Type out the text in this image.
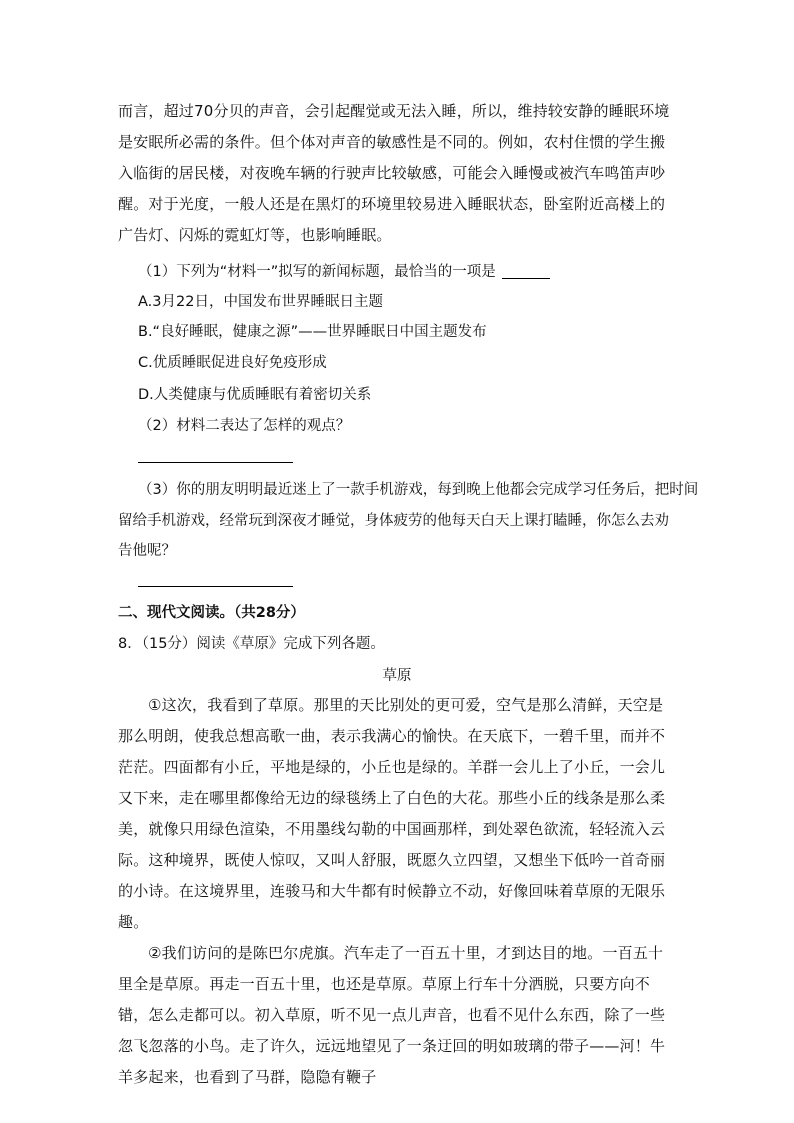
而言，超过70分贝的声音，会引起醒觉或无法入睡，所以，维持较安静的睡眠环境是安眠所必需的条件。但个体对声音的敏感性是不同的。例如，农村住惯的学生搬入临街的居民楼，对夜晚车辆的行驶声比较敏感，可能会入睡慢或被汽车鸣笛声吵醒。对于光度，一般人还是在黑灯的环境里较易进入睡眠状态，卧室附近高楼上的广告灯、闪烁的霓虹灯等，也影响睡眠。

（1）下列为“材料一”拟写的新闻标题，最恰当的一项是
A.3月22日，中国发布世界睡眠日主题
B.“良好睡眠，健康之源”——世界睡眠日中国主题发布
C.优质睡眠促进良好免疫形成
D.人类健康与优质睡眠有着密切关系
（2）材料二表达了怎样的观点？
（3）你的朋友明明最近迷上了一款手机游戏，每到晚上他都会完成学习任务后，把时间
留给手机游戏，经常玩到深夜才睡觉，身体疲劳的他每天白天上课打瞌睡，你怎么去劝
告他呢？
二、现代文阅读。（共28分）
8．（15分）阅读《草原》完成下列各题。
草原

①这次，我看到了草原。那里的天比别处的更可爱，空气是那么清鲜，天空是那么明朗，使我总想高歌一曲，表示我满心的愉快。在天底下，一碧千里，而并不茫茫。四面都有小丘，平地是绿的，小丘也是绿的。羊群一会儿上了小丘，一会儿又下来，走在哪里都像给无边的绿毯绣上了白色的大花。那些小丘的线条是那么柔美，就像只用绿色渲染，不用墨线勾勒的中国画那样，到处翠色欲流，轻轻流入云际。这种境界，既使人惊叹，又叫人舒服，既愿久立四望，又想坐下低吟一首奇丽的小诗。在这境界里，连骏马和大牛都有时候静立不动，好像回味着草原的无限乐趣。

②我们访问的是陈巴尔虎旗。汽车走了一百五十里，才到达目的地。一百五十里全是草原。再走一百五十里，也还是草原。草原上行车十分洒脱，只要方向不错，怎么走都可以。初入草原，听不见一点儿声音，也看不见什么东西，除了一些忽飞忽落的小鸟。走了许久，远远地望见了一条迂回的明如玻璃的带子——河！牛羊多起来，也看到了马群，隐隐有鞭子
